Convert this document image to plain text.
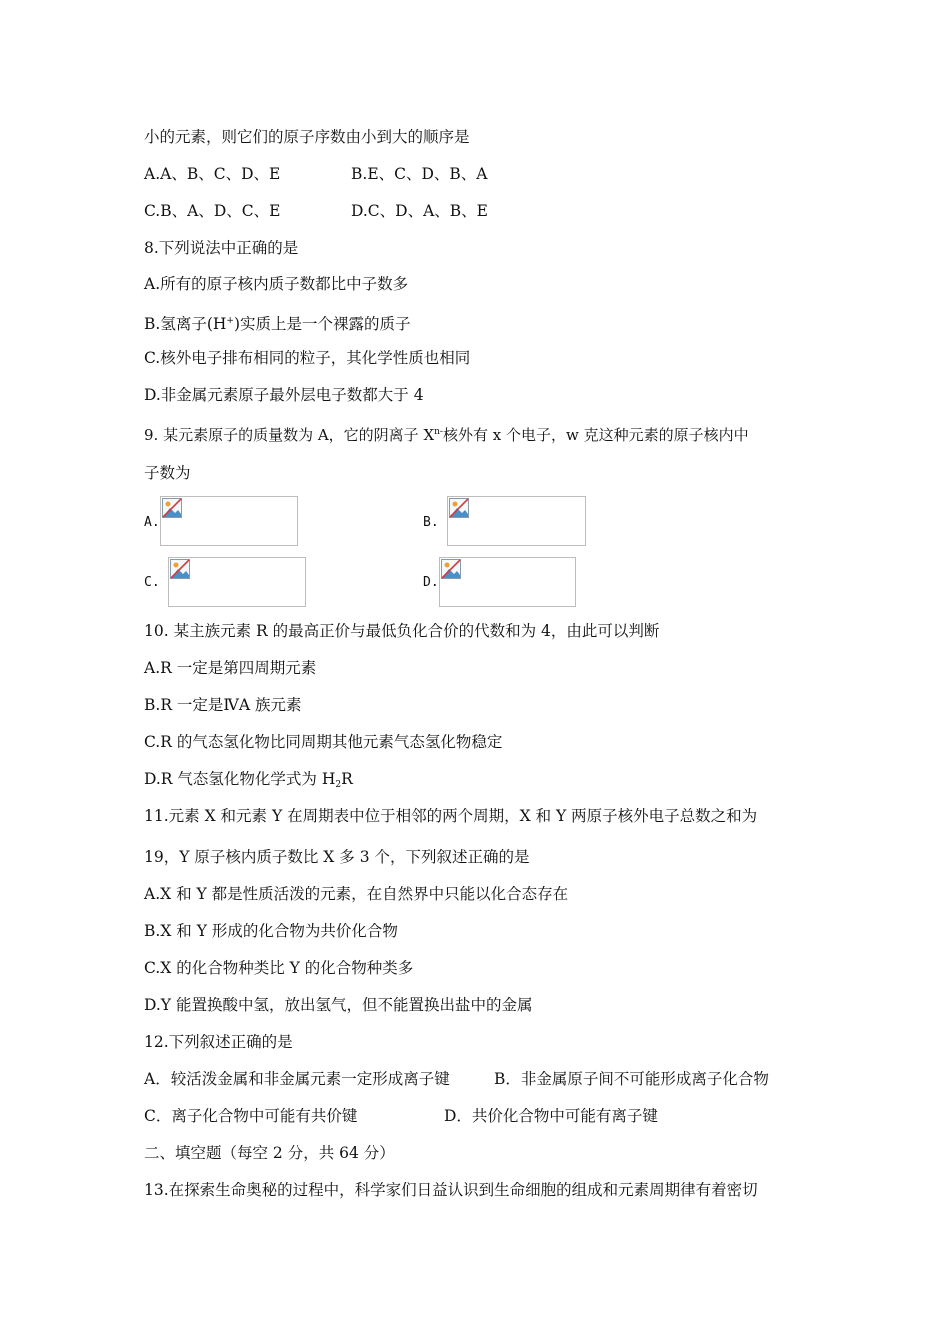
小的元素，则它们的原子序数由小到大的顺序是
A.A、B、C、D、E	B.E、C、D、B、A
C.B、A、D、C、E	D.C、D、A、B、E
8.下列说法中正确的是
A.所有的原子核内质子数都比中子数多
B.氢离子(H+)实质上是一个裸露的质子
C.核外电子排布相同的粒子，其化学性质也相同
D.非金属元素原子最外层电子数都大于 4
9. 某元素原子的质量数为 A，它的阴离子 $X^{n-}$核外有 x 个电子，w 克这种元素的原子核内中
子数为
A.	B.
C.	D.
10. 某主族元素 R 的最高正价与最低负化合价的代数和为 4，由此可以判断
A.R 一定是第四周期元素
B.R 一定是ⅣA 族元素
C.R 的气态氢化物比同周期其他元素气态氢化物稳定
D.R 气态氢化物化学式为 $H_2R$
11.元素 X 和元素 Y 在周期表中位于相邻的两个周期，X 和 Y 两原子核外电子总数之和为
19，Y 原子核内质子数比 X 多 3 个，下列叙述正确的是
A.X 和 Y 都是性质活泼的元素，在自然界中只能以化合态存在
B.X 和 Y 形成的化合物为共价化合物
C.X 的化合物种类比 Y 的化合物种类多
D.Y 能置换酸中氢，放出氢气，但不能置换出盐中的金属
12.下列叙述正确的是
A．较活泼金属和非金属元素一定形成离子键	B．非金属原子间不可能形成离子化合物
C．离子化合物中可能有共价键	D．共价化合物中可能有离子键
二、填空题（每空 2 分，共 64 分）
13.在探索生命奥秘的过程中，科学家们日益认识到生命细胞的组成和元素周期律有着密切
